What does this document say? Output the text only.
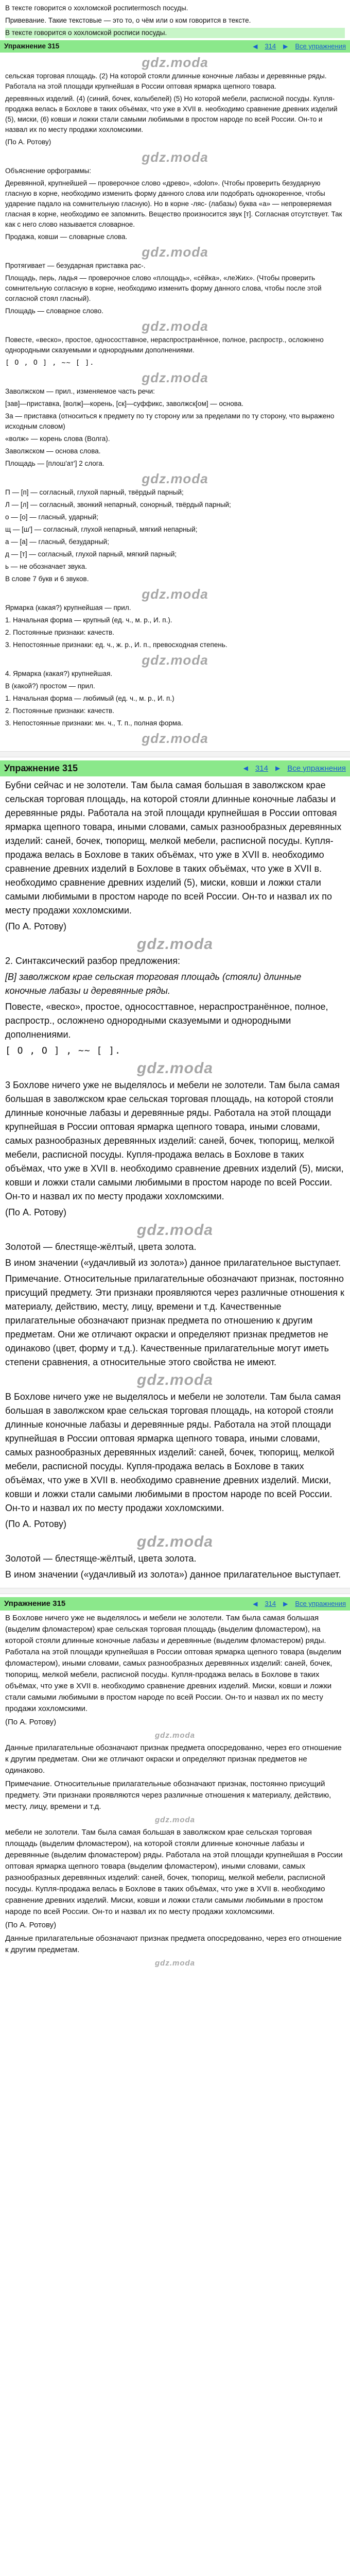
В тексте говорится о хохломской роспиtermosch посуды.

Привевание. Такие текстовые — это то, о чём или о ком говорится в тексте.

В тексте говорится о хохломской росписи посуды.

Упражнение 315	◀ 314 ▶ Все упражнения
gdz.moda

сельская торговая площадь. (2) На которой стояли длинные коночные лабазы и деревянные ряды. Работала на этой площади крупнейшая в России оптовая ярмарка щепного товара.

деревянных изделий. (4) (синий, бочек, колыбелей) (5) Но которой мебели, расписной посуды. Купля-продажа велась в Бохлове в таких объёмах, что уже в XVII в. необходимо сравнение древних изделий (5), миски, (6) ковши и ложки стали самыми любимыми в простом народе по всей России. Он-то и назвал их по месту продажи хохломскими.

(По А. Ротову)

gdz.moda

Объяснение орфограммы:

Деревянной, крупнейшей — проверочное слово «древо», «dolon». (Чтобы проверить безударную гласную в корне, необходимо изменить форму данного слова или подобрать однокоренное, чтобы ударение падало на сомнительную гласную). Но в корне -ляс- (лабазы) буква «а» — непроверяемая гласная в корне, необходимо ее запомнить. Вещество произносится звук [т]. Согласная отсутствует. Так как с него слово называется словарное.

Продажа, ковши — словарные слова.

gdz.moda

Протягивает — безударная приставка рас-.

Площадь, перь, ладья — проверочное слово «площадь», «сёйка», «леЖих». (Чтобы проверить сомнительную согласную в корне, необходимо изменить форму данного слова, чтобы после этой согласной стоял гласный).

Площадь — словарное слово.

gdz.moda

Повесте, «веско», простое, однососттавное, нераспространённое, полное, распростр., осложнено однородными сказуемыми и однородными дополнениями.

[ О , О ] , ~~ [ ].

gdz.moda

Заволжском — прил., изменяемое часть речи:

[зав]—приставка, [волж]—корень, [ск]—суффикс, заволжск[ом] — основа.

За — приставка (относиться к предмету по ту сторону или за пределами по ту сторону, что выражено исходным словом)

«волж» — корень слова (Волга).

Заволжском — основа слова.

Площадь — [плош'ат'] 2 слога.

gdz.moda

П — [п] — согласный, глухой парный, твёрдый парный;

Л — [л] — согласный, звонкий непарный, сонорный, твёрдый парный;

о — [о] — гласный, ударный;

щ — [ш'] — согласный, глухой непарный, мягкий непарный;

а — [а] — гласный, безударный;

д — [т] — согласный, глухой парный, мягкий парный;

ь — не обозначает звука.

В слове 7 букв и 6 звуков.

gdz.moda

Ярмарка (какая?) крупнейшая — прил.

1. Начальная форма — крупный (ед. ч., м. р., И. п.).

2. Постоянные признаки: качеств.

3. Непостоянные признаки: ед. ч., ж. р., И. п., превосходная степень.

gdz.moda

4. Ярмарка (какая?) крупнейшая.

В (какой?) простом — прил.

1. Начальная форма — любимый (ед. ч., м. р., И. п.)

2. Постоянные признаки: качеств.

3. Непостоянные признаки: мн. ч., Т. п., полная форма.

gdz.moda
Упражнение 315	◀ 314 ▶ Все упражнения

Бубни сейчас и не золотели. Там была самая большая в заволжском крае сельская торговая площадь, на которой стояли длинные коночные лабазы и деревянные ряды. Работала на этой площади крупнейшая в России оптовая ярмарка щепного товара, иными словами, самых разнообразных деревянных изделий: саней, бочек, тюпорищ, мелкой мебели, расписной посуды. Купля-продажа велась в Бохлове в таких объёмах, что уже в XVII в. необходимо сравнение древних изделий в Бохлове в таких объёмах, что уже в XVII в. необходимо сравнение древних изделий (5), миски, ковши и ложки стали самыми любимыми в простом народе по всей России. Он-то и назвал их по месту продажи хохломскими.

(По А. Ротову)

gdz.moda

2. Синтаксический разбор предложения:

[В] заволжском крае сельская торговая площадь (стояли) длинные коночные лабазы и деревянные ряды.

Повесте, «веско», простое, однососттавное, нераспространённое, полное, распростр., осложнено однородными сказуемыми и однородными дополнениями.

[ О , О ] , ~~ [ ].

gdz.moda

3 Бохлове ничего уже не выделялось и мебели не золотели. Там была самая большая в заволжском крае сельская торговая площадь, на которой стояли длинные коночные лабазы и деревянные ряды. Работала на этой площади крупнейшая в России оптовая ярмарка щепного товара, иными словами, самых разнообразных деревянных изделий: саней, бочек, тюпорищ, мелкой мебели, расписной посуды. Купля-продажа велась в Бохлове в таких объёмах, что уже в XVII в. необходимо сравнение древних изделий (5), миски, ковши и ложки стали самыми любимыми в простом народе по всей России. Он-то и назвал их по месту продажи хохломскими.

(По А. Ротову)

gdz.moda

Золотой — блестяще-жёлтый, цвета золота.

В ином значении («удачливый из золота») данное прилагательное выступает.

Примечание. Относительные прилагательные обозначают признак, постоянно присущий предмету. Эти признаки проявляются через различные отношения к материалу, действию, месту, лицу, времени и т.д. Качественные прилагательные обозначают признак предмета по отношению к другим предметам. Они же отличают окраски и определяют признак предметов не одинаково (цвет, форму и т.д.). Качественные прилагательные могут иметь степени сравнения, а относительные этого свойства не имеют.

gdz.moda

В Бохлове ничего уже не выделялось и мебели не золотели. Там была самая большая в заволжском крае сельская торговая площадь, на которой стояли длинные коночные лабазы и деревянные ряды. Работала на этой площади крупнейшая в России оптовая ярмарка щепного товара, иными словами, самых разнообразных деревянных изделий: саней, бочек, тюпорищ, мелкой мебели, расписной посуды. Купля-продажа велась в Бохлове в таких объёмах, что уже в XVII в. необходимо сравнение древних изделий. Миски, ковши и ложки стали самыми любимыми в простом народе по всей России. Он-то и назвал их по месту продажи хохломскими.

(По А. Ротову)

gdz.moda

Золотой — блестяще-жёлтый, цвета золота.

В ином значении («удачливый из золота») данное прилагательное выступает.

Упражнение 315	◀ 314 ▶ Все упражнения

В Бохлове ничего уже не выделялось и мебели не золотели. Там была самая большая (выделим фломастером) крае сельская торговая площадь (выделим фломастером), на которой стояли длинные коночные лабазы и деревянные (выделим фломастером) ряды. Работала на этой площади крупнейшая в России оптовая ярмарка щепного товара (выделим фломастером), иными словами, самых разнообразных деревянных изделий: саней, бочек, тюпорищ, мелкой мебели, расписной посуды. Купля-продажа велась в Бохлове в таких объёмах, что уже в XVII в. необходимо сравнение древних изделий. Миски, ковши и ложки стали самыми любимыми в простом народе по всей России. Он-то и назвал их по месту продажи хохломскими.

(По А. Ротову)

gdz.moda

Данные прилагательные обозначают признак предмета опосредованно, через его отношение к другим предметам. Они же отличают окраски и определяют признак предметов не одинаково.

Примечание. Относительные прилагательные обозначают признак, постоянно присущий предмету. Эти признаки проявляются через различные отношения к материалу, действию, месту, лицу, времени и т.д.

gdz.moda

мебели не золотели. Там была самая большая в заволжском крае сельская торговая площадь (выделим фломастером), на которой стояли длинные коночные лабазы и деревянные (выделим фломастером) ряды. Работала на этой площади крупнейшая в России оптовая ярмарка щепного товара (выделим фломастером), иными словами, самых разнообразных деревянных изделий: саней, бочек, тюпорищ, мелкой мебели, расписной посуды. Купля-продажа велась в Бохлове в таких объёмах, что уже в XVII в. необходимо сравнение древних изделий. Миски, ковши и ложки стали самыми любимыми в простом народе по всей России. Он-то и назвал их по месту продажи хохломскими.

(По А. Ротову)

Данные прилагательные обозначают признак предмета опосредованно, через его отношение к другим предметам.

gdz.moda
